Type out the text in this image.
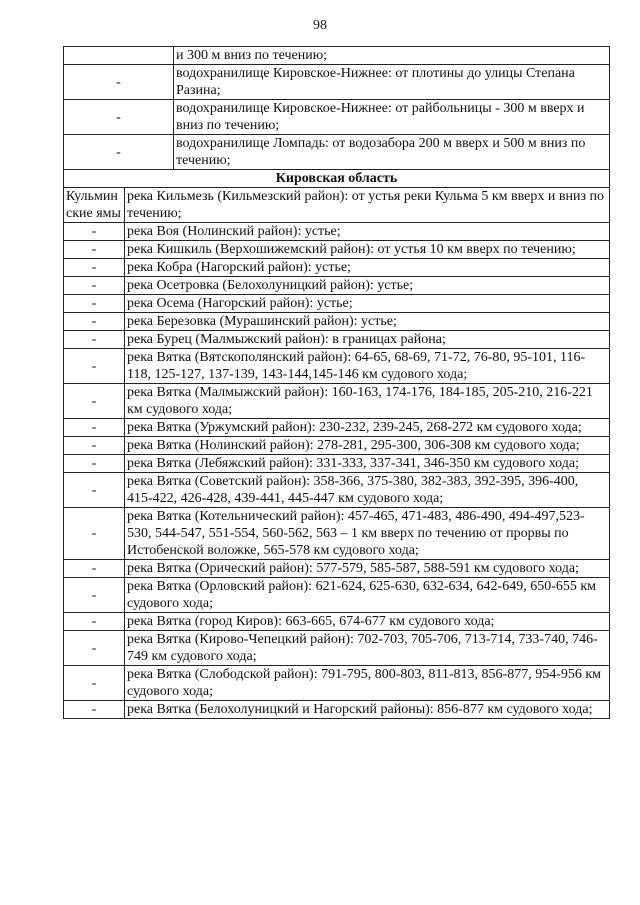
98
	и 300 м вниз по течению;
-	водохранилище Кировское-Нижнее: от плотины до улицы Степана Разина;
-	водохранилище Кировское-Нижнее: от райбольницы - 300 м вверх и вниз по течению;
-	водохранилище Ломпадь: от водозабора 200 м вверх и 500 м вниз по течению;
Кировская область	
Кульмин ские ямы	река Кильмезь (Кильмезский район): от устья реки Кульма 5 км вверх и вниз по течению;
-	река Воя (Нолинский район): устье;
-	река Кишкиль (Верхошижемский район): от устья 10 км вверх по течению;
-	река Кобра (Нагорский район): устье;
-	река Осетровка (Белохолуницкий район): устье;
-	река Осема (Нагорский район): устье;
-	река Березовка (Мурашинский район): устье;
-	река Бурец (Малмыжский район): в границах района;
-	река Вятка (Вятскополянский район): 64-65, 68-69, 71-72, 76-80, 95-101, 116-118, 125-127, 137-139, 143-144,145-146 км судового хода;
-	река Вятка (Малмыжский район): 160-163, 174-176, 184-185, 205-210, 216-221 км судового хода;
-	река Вятка (Уржумский район): 230-232, 239-245, 268-272 км судового хода;
-	река Вятка (Нолинский район): 278-281, 295-300, 306-308 км судового хода;
-	река Вятка (Лебяжский район): 331-333, 337-341, 346-350 км судового хода;
-	река Вятка (Советский район): 358-366, 375-380, 382-383, 392-395, 396-400, 415-422, 426-428, 439-441, 445-447 км судового хода;
-	река Вятка (Котельнический район): 457-465, 471-483, 486-490, 494-497,523-530, 544-547, 551-554, 560-562, 563 – 1 км вверх по течению от прорвы по Истобенской воложке, 565-578 км судового хода;
-	река Вятка (Орический район): 577-579, 585-587, 588-591 км судового хода;
-	река Вятка (Орловский район): 621-624, 625-630, 632-634, 642-649, 650-655 км судового хода;
-	река Вятка (город Киров): 663-665, 674-677 км судового хода;
-	река Вятка (Кирово-Чепецкий район): 702-703, 705-706, 713-714, 733-740, 746-749 км судового хода;
-	река Вятка (Слободской район): 791-795, 800-803, 811-813, 856-877, 954-956 км судового хода;
-	река Вятка (Белохолуницкий и Нагорский районы): 856-877 км судового хода;
